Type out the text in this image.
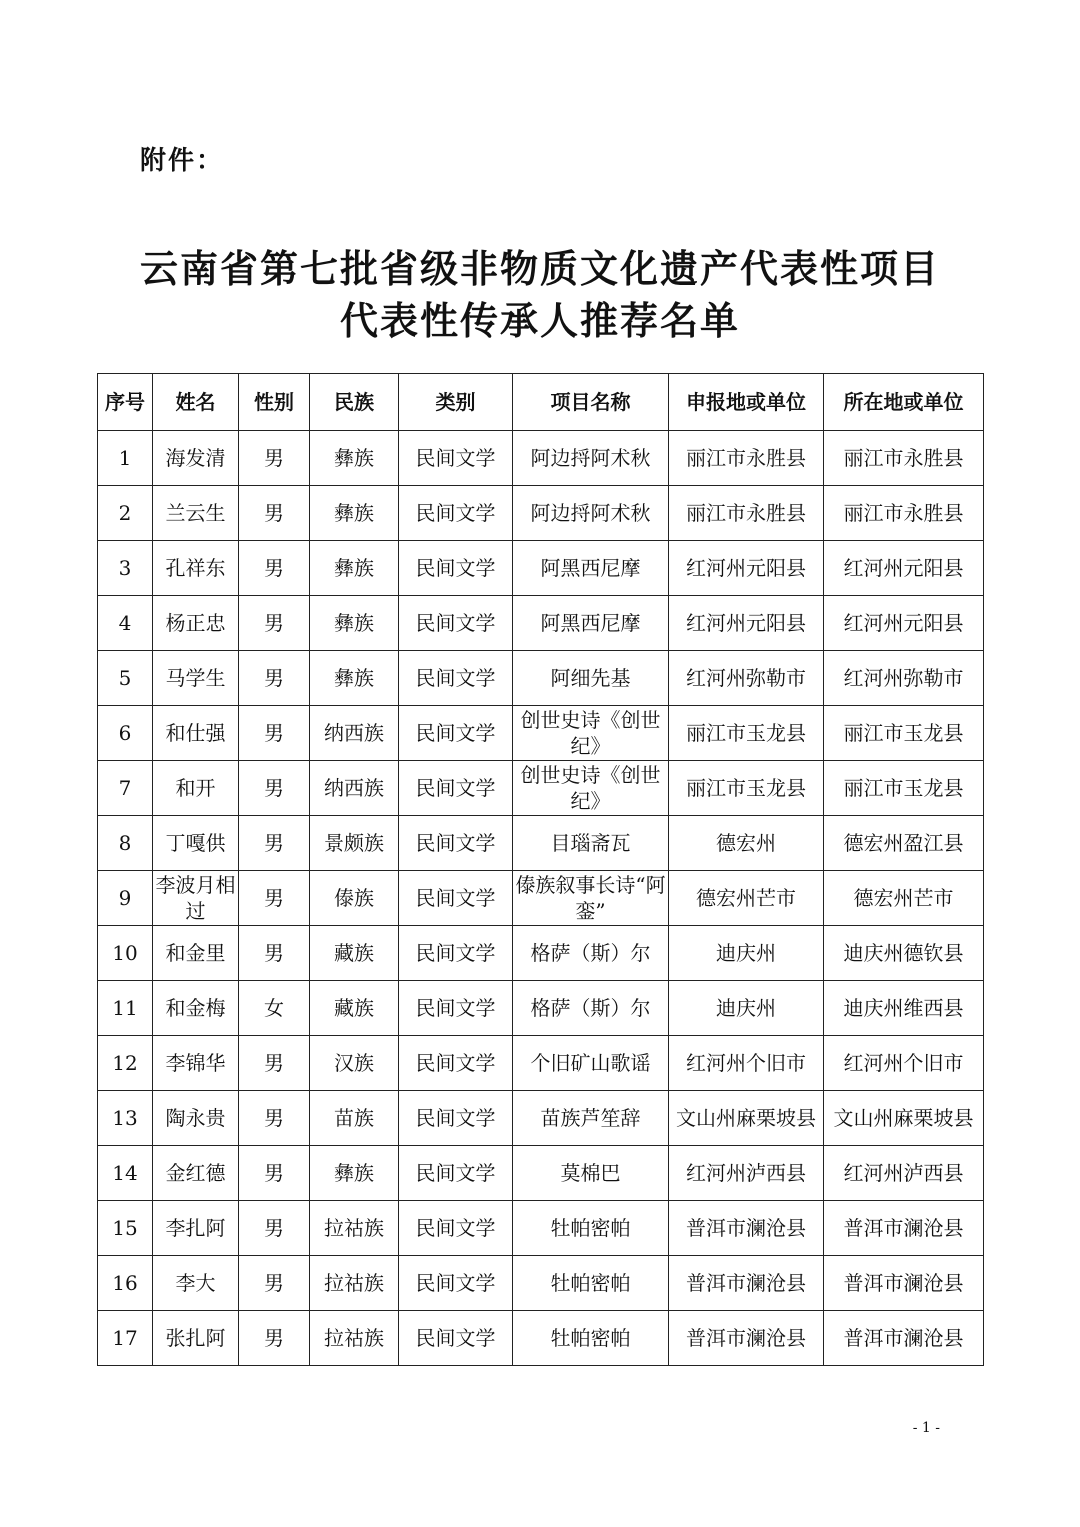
附件：
云南省第七批省级非物质文化遗产代表性项目
代表性传承人推荐名单
序号	姓名	性别	民族	类别	项目名称	申报地或单位	所在地或单位
1	海发清	男	彝族	民间文学	阿边捋阿术秋	丽江市永胜县	丽江市永胜县
2	兰云生	男	彝族	民间文学	阿边捋阿术秋	丽江市永胜县	丽江市永胜县
3	孔祥东	男	彝族	民间文学	阿黑西尼摩	红河州元阳县	红河州元阳县
4	杨正忠	男	彝族	民间文学	阿黑西尼摩	红河州元阳县	红河州元阳县
5	马学生	男	彝族	民间文学	阿细先基	红河州弥勒市	红河州弥勒市
6	和仕强	男	纳西族	民间文学	创世史诗《创世纪》	丽江市玉龙县	丽江市玉龙县
7	和开	男	纳西族	民间文学	创世史诗《创世纪》	丽江市玉龙县	丽江市玉龙县
8	丁嘎供	男	景颇族	民间文学	目瑙斋瓦	德宏州	德宏州盈江县
9	李波月相过	男	傣族	民间文学	傣族叙事长诗“阿銮”	德宏州芒市	德宏州芒市
10	和金里	男	藏族	民间文学	格萨（斯）尔	迪庆州	迪庆州德钦县
11	和金梅	女	藏族	民间文学	格萨（斯）尔	迪庆州	迪庆州维西县
12	李锦华	男	汉族	民间文学	个旧矿山歌谣	红河州个旧市	红河州个旧市
13	陶永贵	男	苗族	民间文学	苗族芦笙辞	文山州麻栗坡县	文山州麻栗坡县
14	金红德	男	彝族	民间文学	莫棉巴	红河州泸西县	红河州泸西县
15	李扎阿	男	拉祜族	民间文学	牡帕密帕	普洱市澜沧县	普洱市澜沧县
16	李大	男	拉祜族	民间文学	牡帕密帕	普洱市澜沧县	普洱市澜沧县
17	张扎阿	男	拉祜族	民间文学	牡帕密帕	普洱市澜沧县	普洱市澜沧县
- 1 -
